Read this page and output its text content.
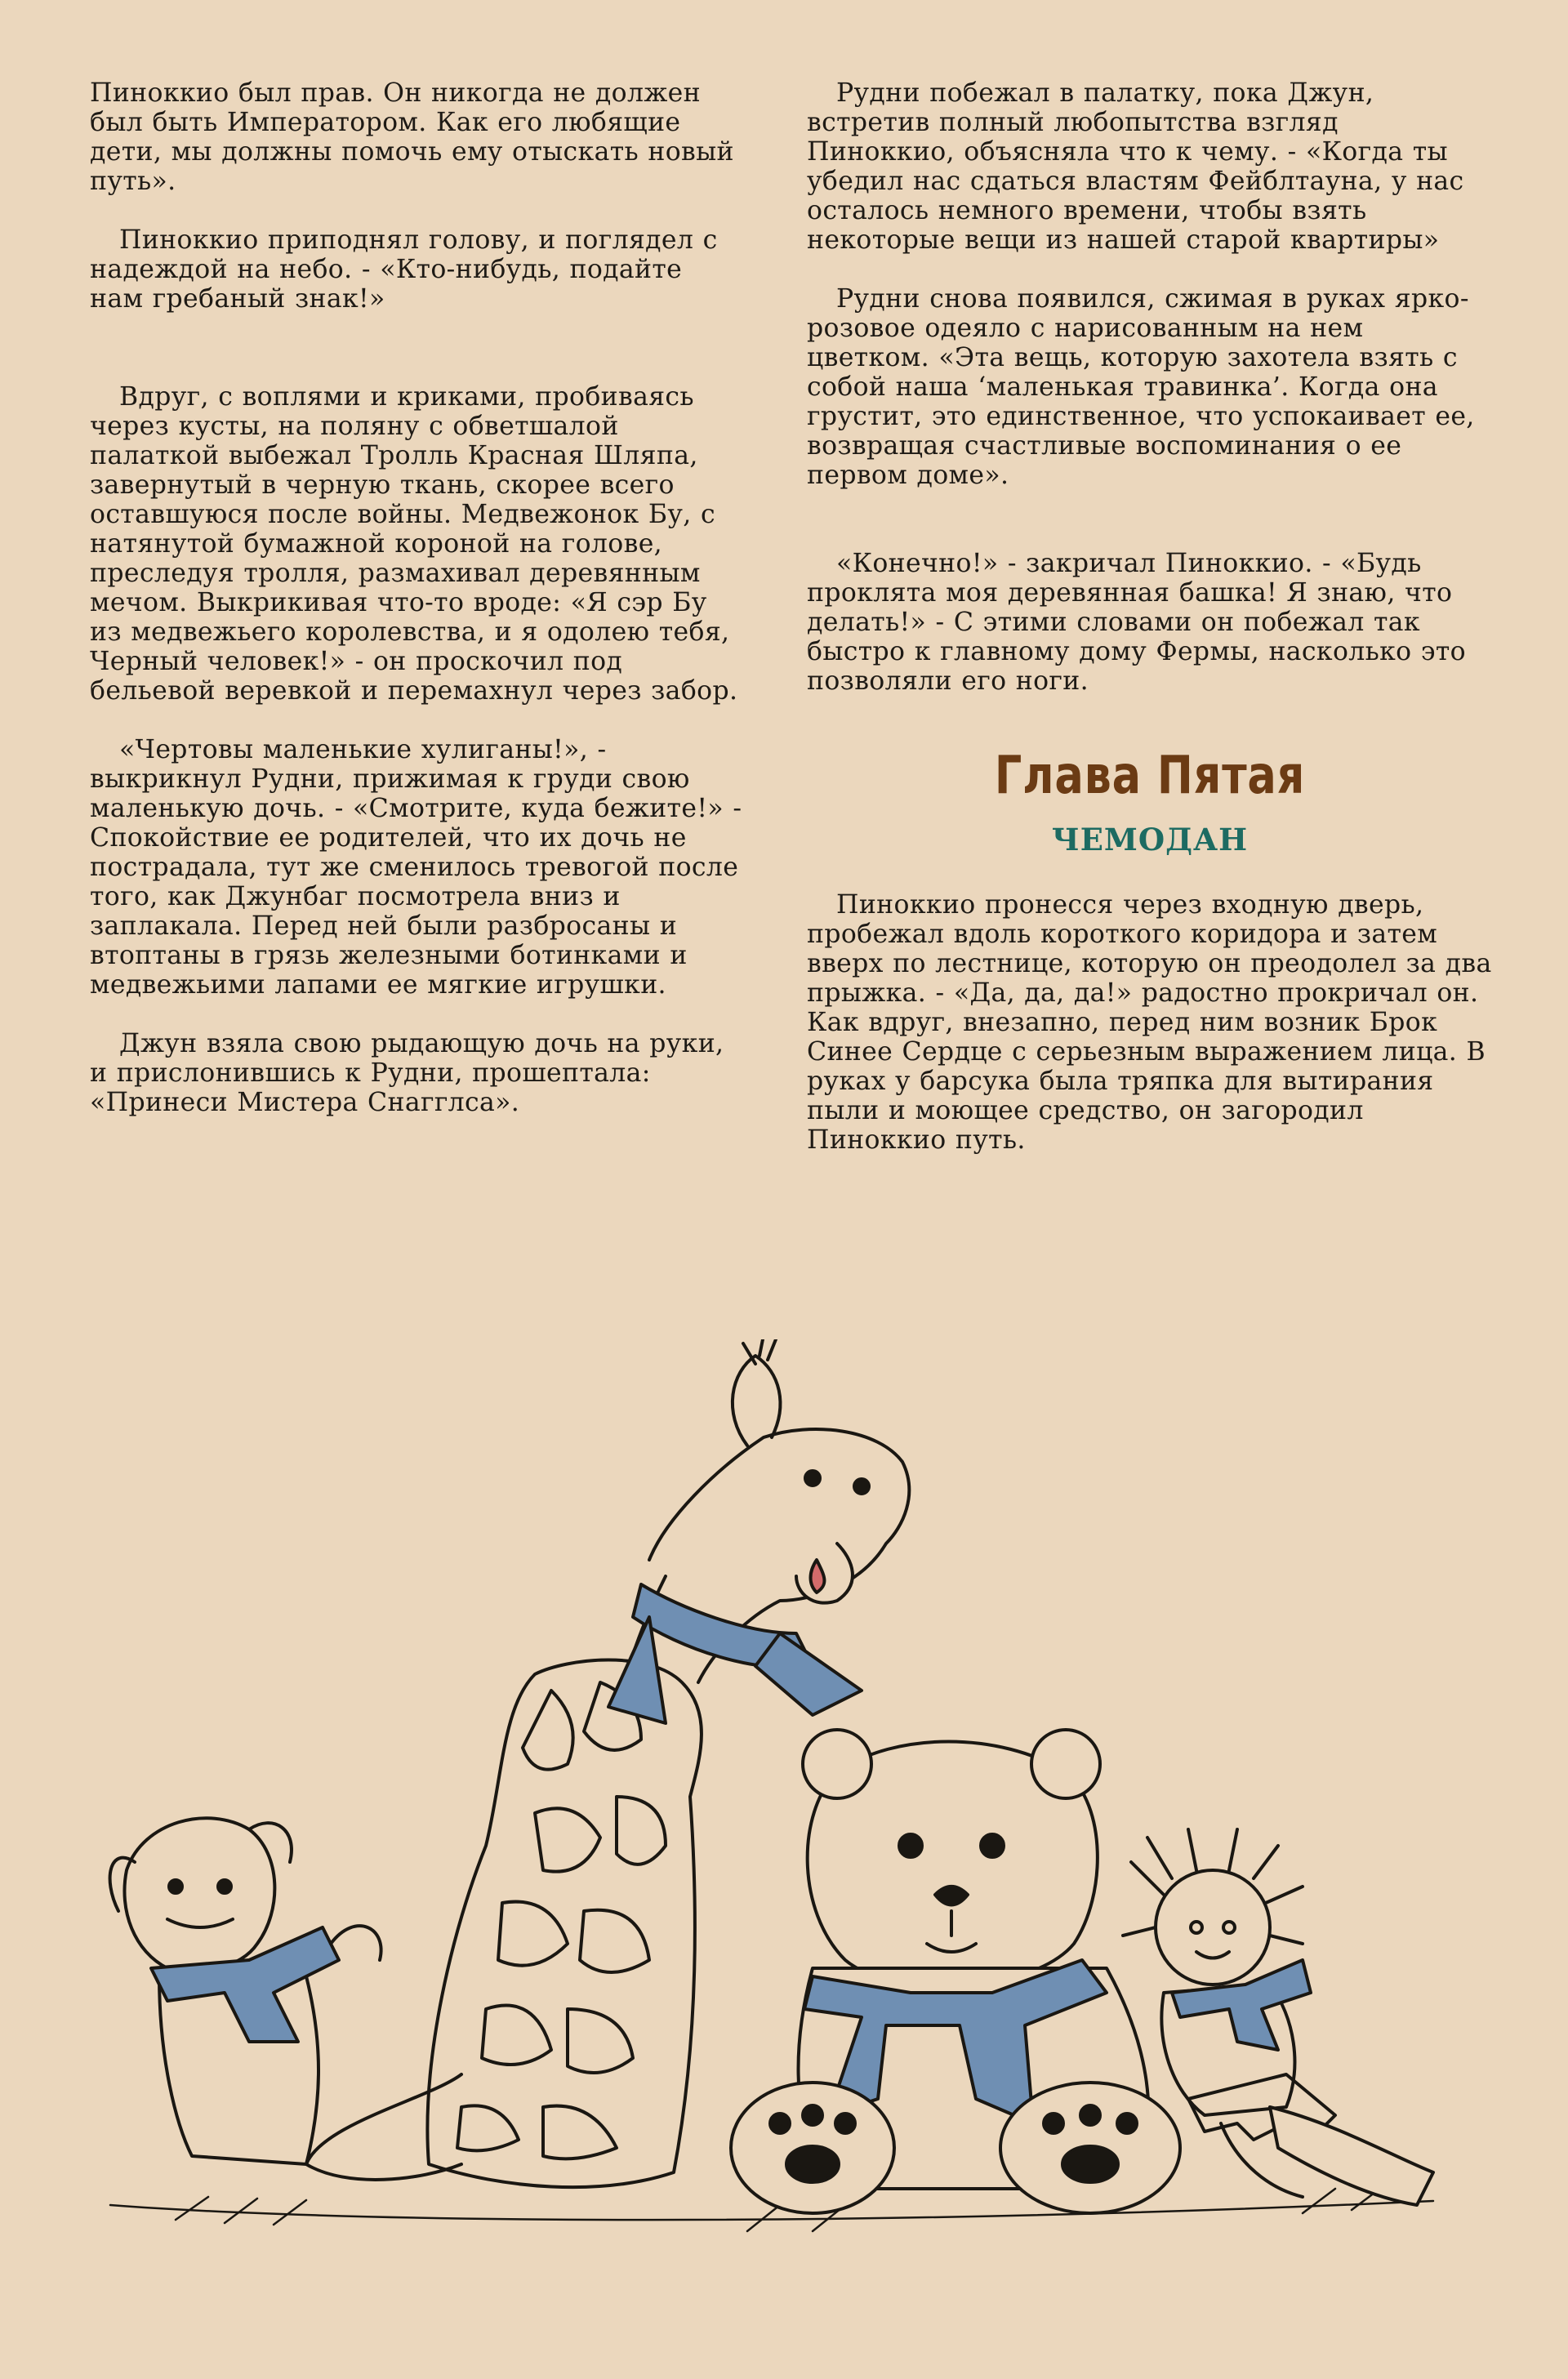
Пиноккио был прав. Он никогда не должен был быть Императором. Как его любящие дети, мы должны помочь ему отыскать новый путь».

Пиноккио приподнял голову, и поглядел с надеждой на небо. - «Кто-нибудь, подайте нам гребаный знак!»

Вдруг, с воплями и криками, пробиваясь через кусты, на поляну с обветшалой палаткой выбежал Тролль Красная Шляпа, завернутый в черную ткань, скорее всего оставшуюся после войны. Медвежонок Бу, с натянутой бумажной короной на голове, преследуя тролля, размахивал деревянным мечом. Выкрикивая что-то вроде: «Я сэр Бу из медвежьего королевства, и я одолею тебя, Черный человек!» - он проскочил под бельевой веревкой и перемахнул через забор.

«Чертовы маленькие хулиганы!», - выкрикнул Рудни, прижимая к груди свою маленькую дочь. - «Смотрите, куда бежите!» - Спокойствие ее родителей, что их дочь не пострадала, тут же сменилось тревогой после того, как Джунбаг посмотрела вниз и заплакала. Перед ней были разбросаны и втоптаны в грязь железными ботинками и медвежьими лапами ее мягкие игрушки.

Джун взяла свою рыдающую дочь на руки, и прислонившись к Рудни, прошептала: «Принеси Мистера Снагглса».

Рудни побежал в палатку, пока Джун, встретив полный любопытства взгляд Пиноккио, объясняла что к чему. - «Когда ты убедил нас сдаться властям Фейблтауна, у нас осталось немного времени, чтобы взять некоторые вещи из нашей старой квартиры»

Рудни снова появился, сжимая в руках ярко-розовое одеяло с нарисованным на нем цветком. «Эта вещь, которую захотела взять с собой наша ‘маленькая травинка’. Когда она грустит, это единственное, что успокаивает ее, возвращая счастливые воспоминания о ее первом доме».

«Конечно!» - закричал Пиноккио. - «Будь проклята моя деревянная башка! Я знаю, что делать!» - С этими словами он побежал так быстро к главному дому Фермы, насколько это позволяли его ноги.

Глава Пятая
ЧЕМОДАН

Пиноккио пронесся через входную дверь, пробежал вдоль короткого коридора и затем вверх по лестнице, которую он преодолел за два прыжка. - «Да, да, да!» радостно прокричал он. Как вдруг, внезапно, перед ним возник Брок Синее Сердце с серьезным выражением лица. В руках у барсука была тряпка для вытирания пыли и моющее средство, он загородил Пиноккио путь.
